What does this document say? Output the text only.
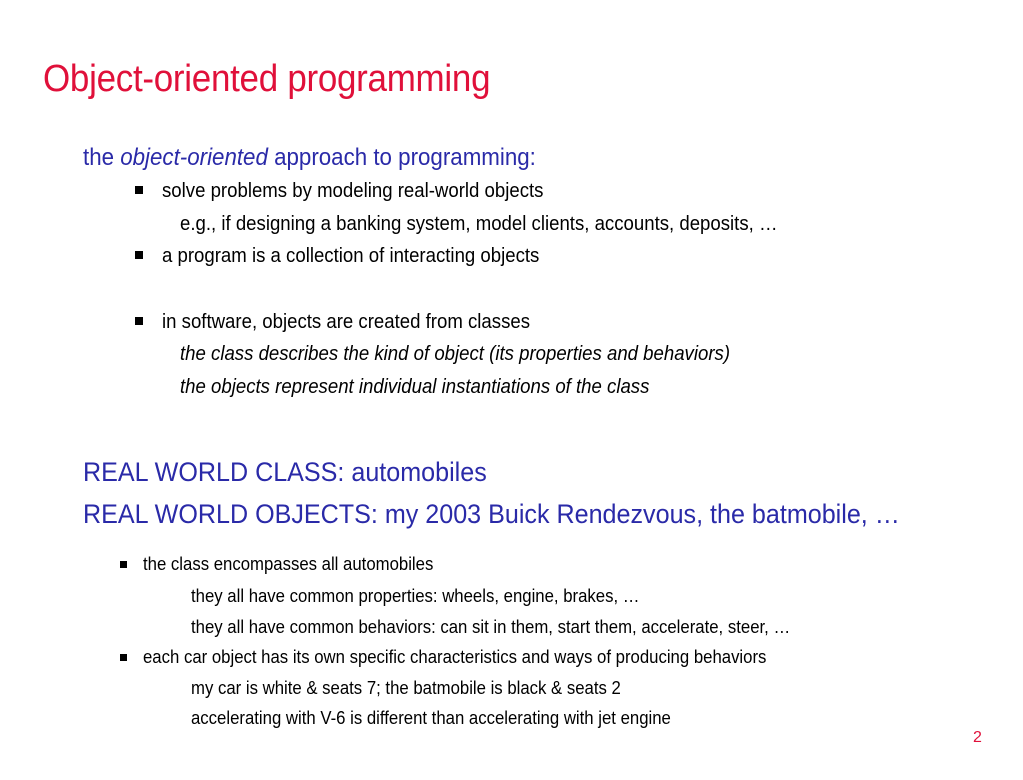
Object-oriented programming
the object-oriented approach to programming:
solve problems by modeling real-world objects
e.g., if designing a banking system, model clients, accounts, deposits, …
a program is a collection of interacting objects
in software, objects are created from classes
the class describes the kind of object (its properties and behaviors)
the objects represent individual instantiations of the class
REAL WORLD CLASS: automobiles
REAL WORLD OBJECTS: my 2003 Buick Rendezvous, the batmobile, …
the class encompasses all automobiles
they all have common properties: wheels, engine, brakes, …
they all have common behaviors: can sit in them, start them, accelerate, steer, …
each car object has its own specific characteristics and ways of producing behaviors
my car is white & seats 7; the batmobile is black & seats 2
accelerating with V-6 is different than accelerating with jet engine
2
